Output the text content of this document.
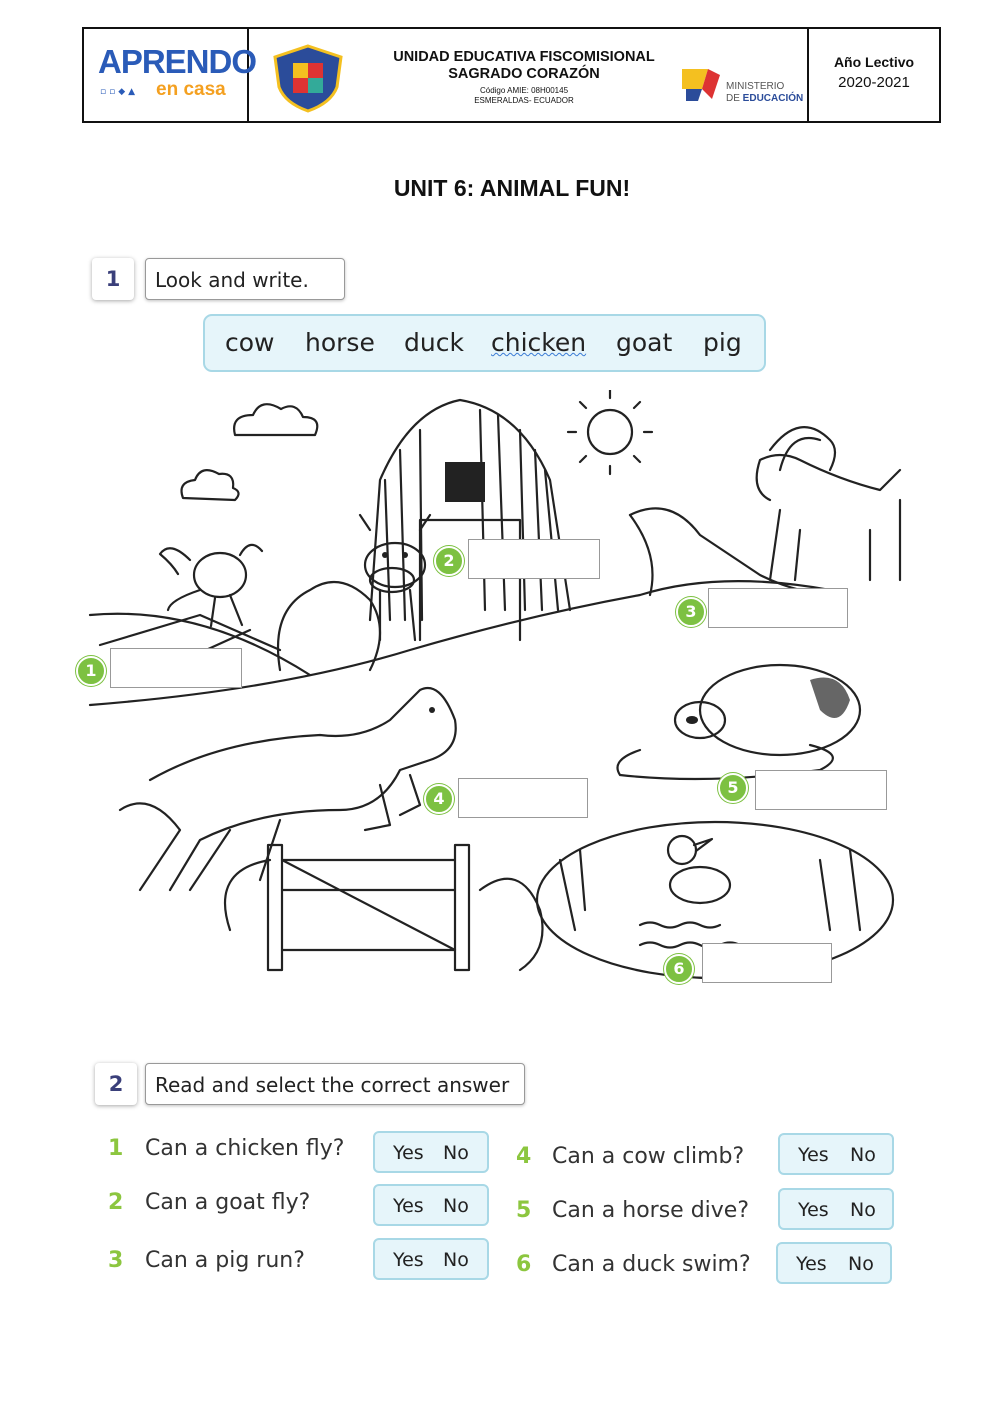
APRENDO
▫▫◆▲ en casa
UNIDAD EDUCATIVA FISCOMISIONAL
SAGRADO CORAZÓN
Código AMIE: 08H00145
ESMERALDAS- ECUADOR
MINISTERIO
DE EDUCACIÓN
Año Lectivo
2020-2021
UNIT 6: ANIMAL FUN!
1	Look and write.
cow horse duck chicken goat pig
1
2
3
4
5
6
2	Read and select the correct answer
1 Can a chicken fly?	Yes No
2 Can a goat fly?	Yes No
3 Can a pig run?	Yes No
4 Can a cow climb?	Yes No
5 Can a horse dive?	Yes No
6 Can a duck swim? Yes No
